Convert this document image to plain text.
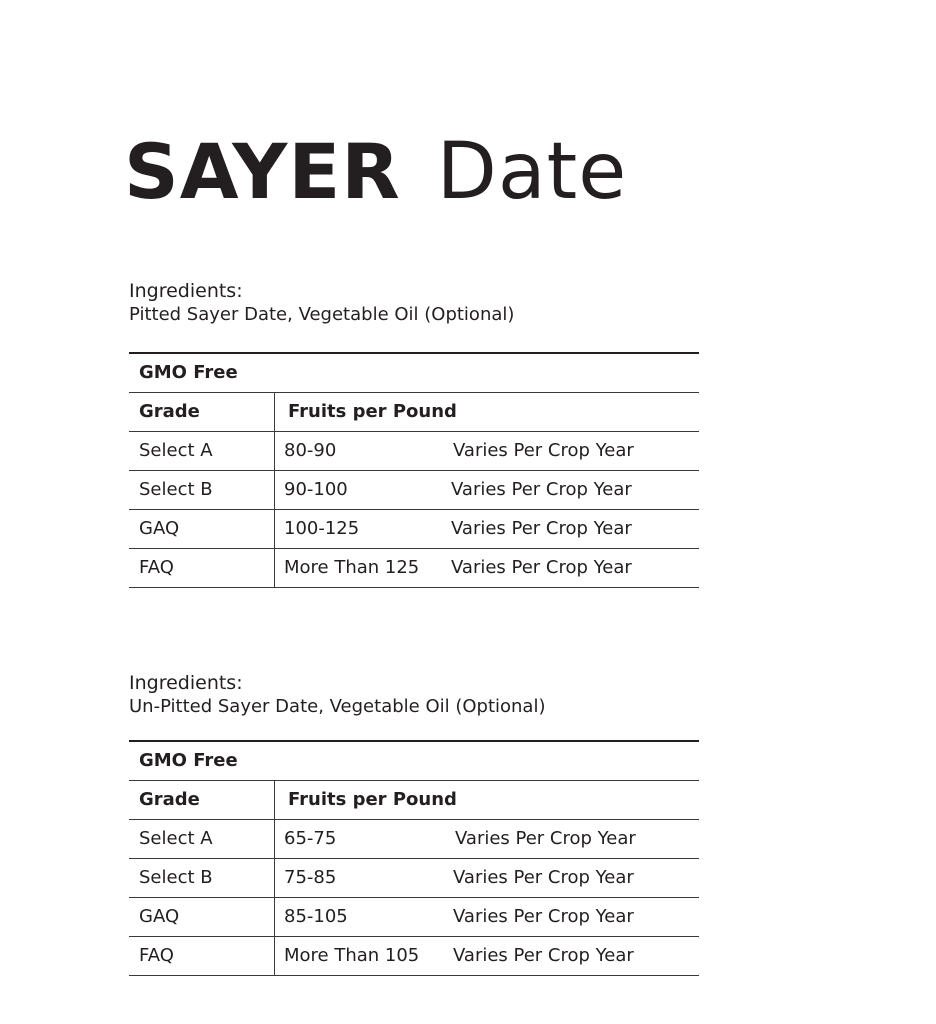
SAYER Date
Ingredients:
Pitted Sayer Date, Vegetable Oil (Optional)
GMO Free
Grade	Fruits per Pound
Select A	80-90	Varies Per Crop Year
Select B	90-100	Varies Per Crop Year
GAQ	100-125	Varies Per Crop Year
FAQ	More Than 125 Varies Per Crop Year
Ingredients:
Un-Pitted Sayer Date, Vegetable Oil (Optional)
GMO Free
Grade	Fruits per Pound
Select A	65-75	Varies Per Crop Year
Select B	75-85	Varies Per Crop Year
GAQ	85-105	Varies Per Crop Year
FAQ	More Than 105 Varies Per Crop Year
